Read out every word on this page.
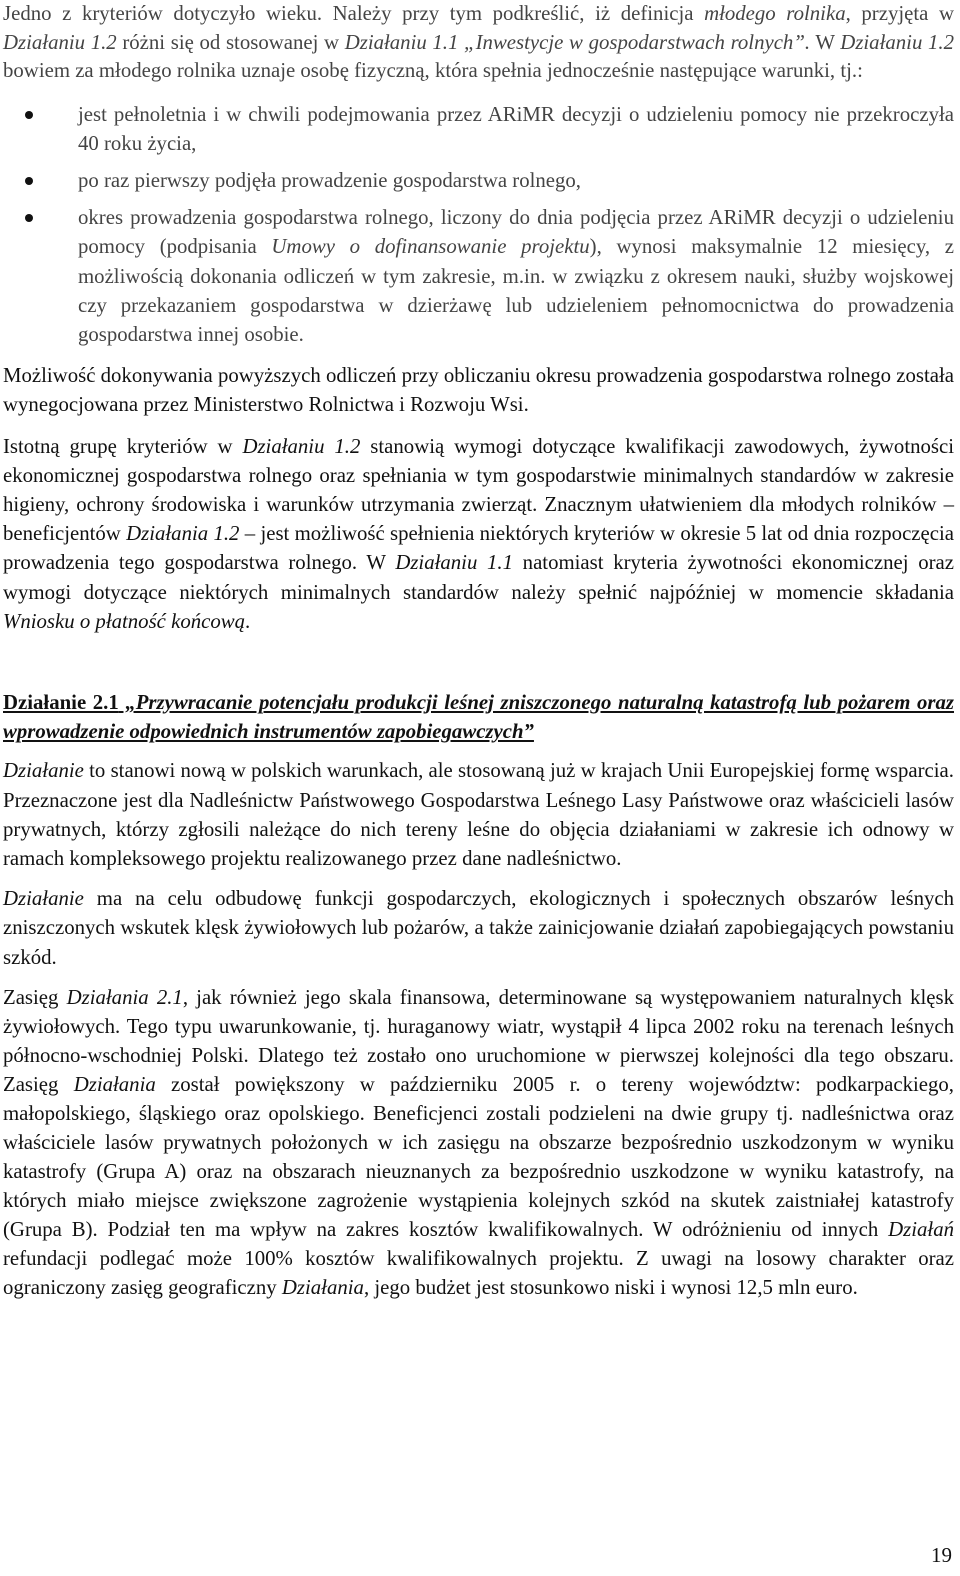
Jedno z kryteriów dotyczyło wieku. Należy przy tym podkreślić, iż definicja młodego rolnika, przyjęta w Działaniu 1.2 różni się od stosowanej w Działaniu 1.1 „Inwestycje w gospodarstwach rolnych”. W Działaniu 1.2 bowiem za młodego rolnika uznaje osobę fizyczną, która spełnia jednocześnie następujące warunki, tj.:

jest pełnoletnia i w chwili podejmowania przez ARiMR decyzji o udzieleniu pomocy nie przekroczyła 40 roku życia,
po raz pierwszy podjęła prowadzenie gospodarstwa rolnego,
okres prowadzenia gospodarstwa rolnego, liczony do dnia podjęcia przez ARiMR decyzji o udzieleniu pomocy (podpisania Umowy o dofinansowanie projektu), wynosi maksymalnie 12 miesięcy, z możliwością dokonania odliczeń w tym zakresie, m.in. w związku z okresem nauki, służby wojskowej czy przekazaniem gospodarstwa w dzierżawę lub udzieleniem pełnomocnictwa do prowadzenia gospodarstwa innej osobie.

Możliwość dokonywania powyższych odliczeń przy obliczaniu okresu prowadzenia gospodarstwa rolnego została wynegocjowana przez Ministerstwo Rolnictwa i Rozwoju Wsi.

Istotną grupę kryteriów w Działaniu 1.2 stanowią wymogi dotyczące kwalifikacji zawodowych, żywotności ekonomicznej gospodarstwa rolnego oraz spełniania w tym gospodarstwie minimalnych standardów w zakresie higieny, ochrony środowiska i warunków utrzymania zwierząt. Znacznym ułatwieniem dla młodych rolników – beneficjentów Działania 1.2 – jest możliwość spełnienia niektórych kryteriów w okresie 5 lat od dnia rozpoczęcia prowadzenia tego gospodarstwa rolnego. W Działaniu 1.1 natomiast kryteria żywotności ekonomicznej oraz wymogi dotyczące niektórych minimalnych standardów należy spełnić najpóźniej w momencie składania Wniosku o płatność końcową.

Działanie 2.1 „Przywracanie potencjału produkcji leśnej zniszczonego naturalną katastrofą lub pożarem oraz wprowadzenie odpowiednich instrumentów zapobiegawczych”

Działanie to stanowi nową w polskich warunkach, ale stosowaną już w krajach Unii Europejskiej formę wsparcia. Przeznaczone jest dla Nadleśnictw Państwowego Gospodarstwa Leśnego Lasy Państwowe oraz właścicieli lasów prywatnych, którzy zgłosili należące do nich tereny leśne do objęcia działaniami w zakresie ich odnowy w ramach kompleksowego projektu realizowanego przez dane nadleśnictwo.

Działanie ma na celu odbudowę funkcji gospodarczych, ekologicznych i społecznych obszarów leśnych zniszczonych wskutek klęsk żywiołowych lub pożarów, a także zainicjowanie działań zapobiegających powstaniu szkód.

Zasięg Działania 2.1, jak również jego skala finansowa, determinowane są występowaniem naturalnych klęsk żywiołowych. Tego typu uwarunkowanie, tj. huraganowy wiatr, wystąpił 4 lipca 2002 roku na terenach leśnych północno-wschodniej Polski. Dlatego też zostało ono uruchomione w pierwszej kolejności dla tego obszaru. Zasięg Działania został powiększony w październiku 2005 r. o tereny województw: podkarpackiego, małopolskiego, śląskiego oraz opolskiego. Beneficjenci zostali podzieleni na dwie grupy tj. nadleśnictwa oraz właściciele lasów prywatnych położonych w ich zasięgu na obszarze bezpośrednio uszkodzonym w wyniku katastrofy (Grupa A) oraz na obszarach nieuznanych za bezpośrednio uszkodzone w wyniku katastrofy, na których miało miejsce zwiększone zagrożenie wystąpienia kolejnych szkód na skutek zaistniałej katastrofy (Grupa B). Podział ten ma wpływ na zakres kosztów kwalifikowalnych. W odróżnieniu od innych Działań refundacji podlegać może 100% kosztów kwalifikowalnych projektu. Z uwagi na losowy charakter oraz ograniczony zasięg geograficzny Działania, jego budżet jest stosunkowo niski i wynosi 12,5 mln euro.

19
